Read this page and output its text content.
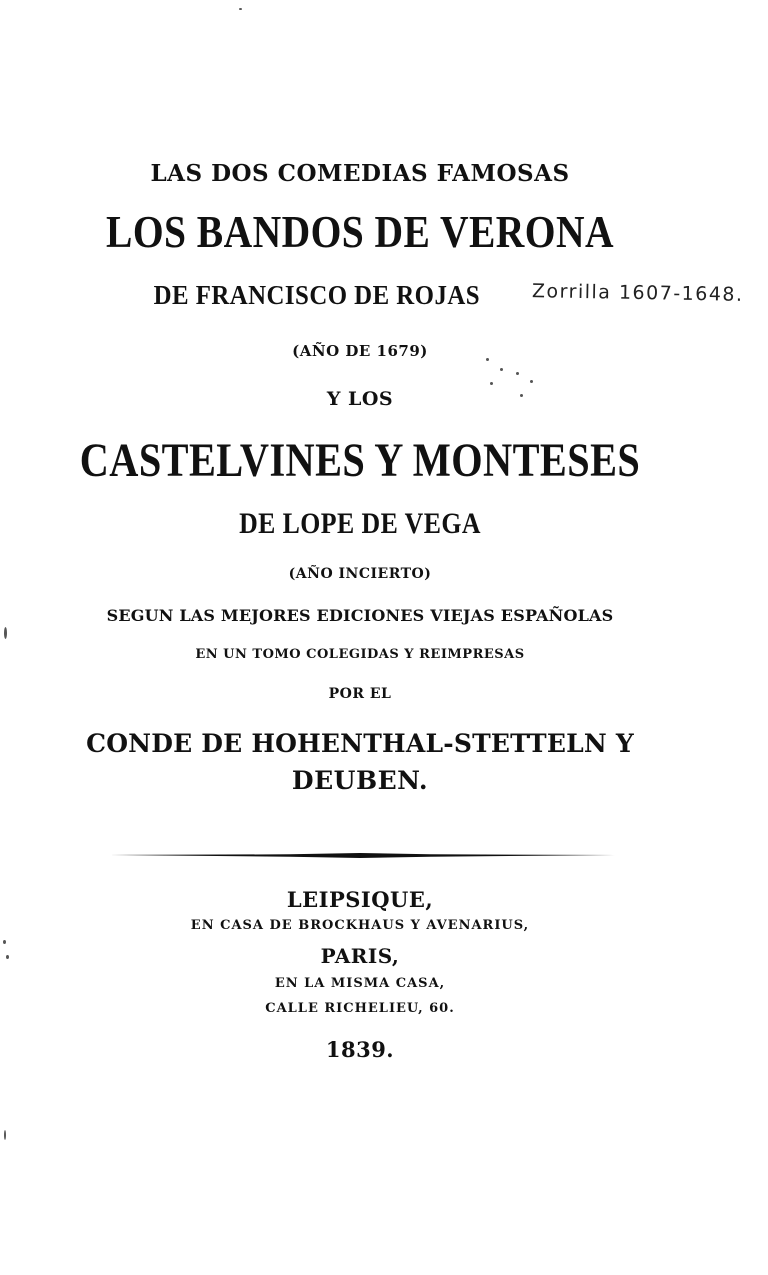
LAS DOS COMEDIAS FAMOSAS
LOS BANDOS DE VERONA
DE FRANCISCO DE ROJAS	Zorrilla 1607-1648.
(AÑO DE 1679)
Y LOS
CASTELVINES Y MONTESES
DE LOPE DE VEGA
(AÑO INCIERTO)
SEGUN LAS MEJORES EDICIONES VIEJAS ESPAÑOLAS
EN UN TOMO COLEGIDAS Y REIMPRESAS
POR EL
CONDE DE HOHENTHAL-STETTELN Y
DEUBEN.
LEIPSIQUE,
EN CASA DE BROCKHAUS Y AVENARIUS,
PARIS,
EN LA MISMA CASA,
CALLE RICHELIEU, 60.
1839.
